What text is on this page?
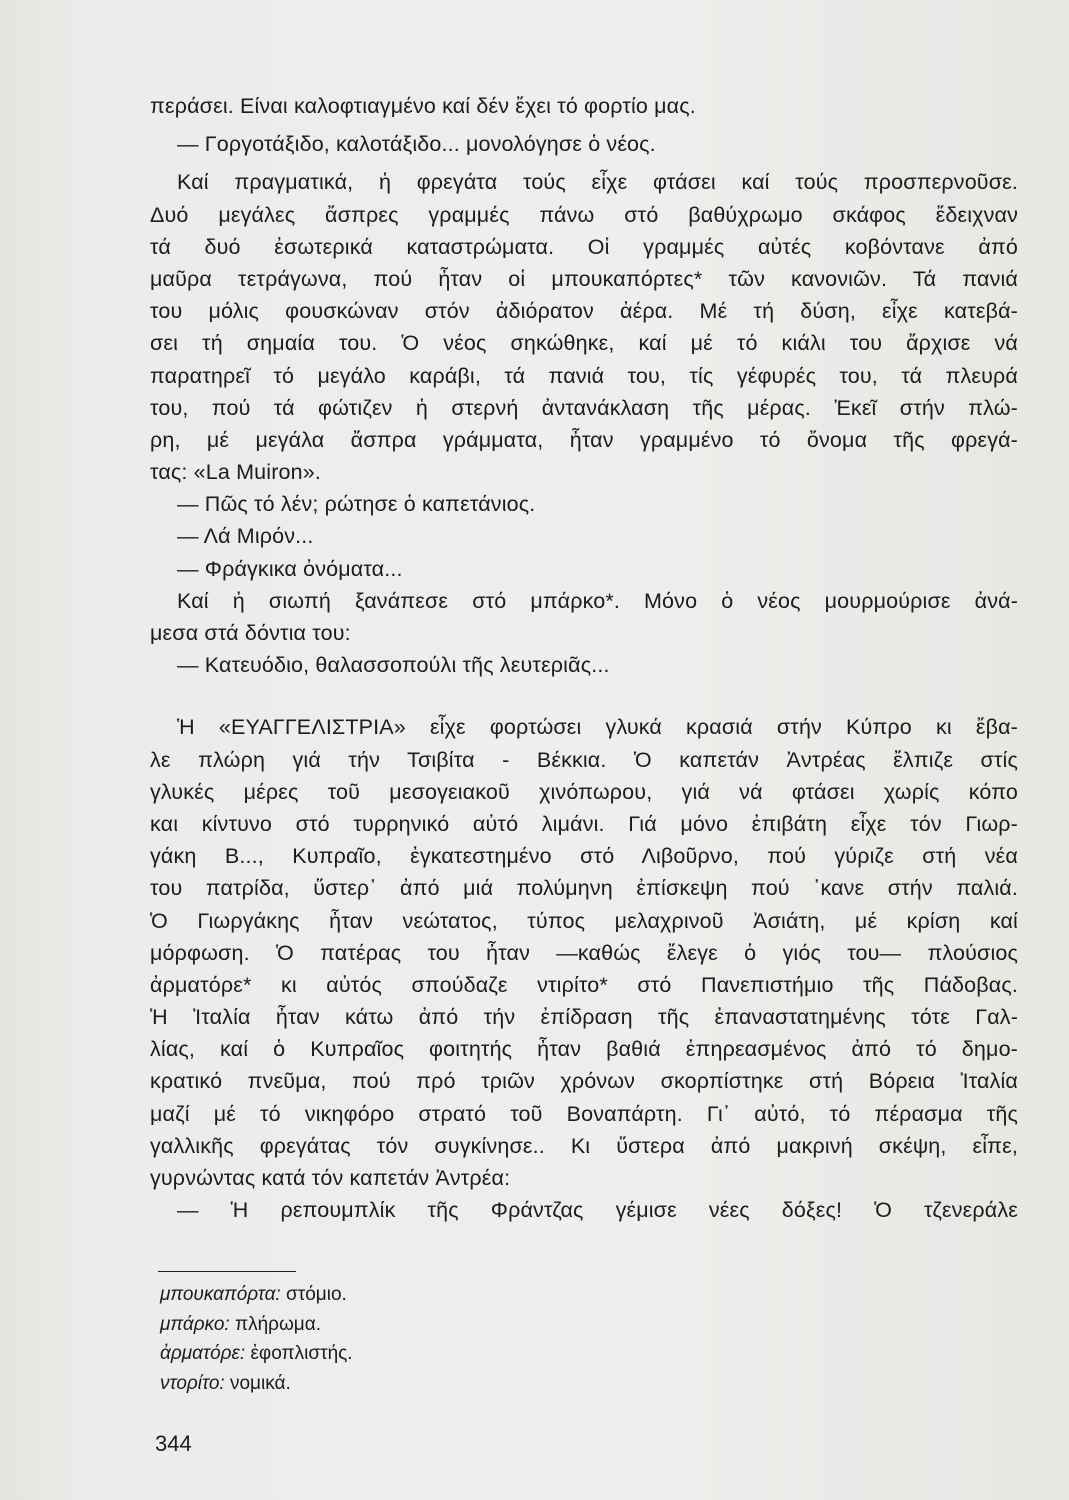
περάσει. Είναι καλοφτιαγμένο καί δέν ἔχει τό φορτίο μας.
— Γοργοτάξιδο, καλοτάξιδο... μονολόγησε ὁ νέος.
Καί πραγματικά, ἡ φρεγάτα τούς εἶχε φτάσει καί τούς προσπερνοῦσε.
Δυό μεγάλες ἄσπρες γραμμές πάνω στό βαθύχρωμο σκάφος ἔδειχναν
τά δυό ἐσωτερικά καταστρώματα. Οἱ γραμμές αὐτές κοβόντανε ἀπό
μαῦρα τετράγωνα, πού ἦταν οἱ μπουκαπόρτες* τῶν κανονιῶν. Τά πανιά
του μόλις φουσκώναν στόν ἀδιόρατον ἀέρα. Μέ τή δύση, εἶχε κατεβά-
σει τή σημαία του. Ὁ νέος σηκώθηκε, καί μέ τό κιάλι του ἄρχισε νά
παρατηρεῖ τό μεγάλο καράβι, τά πανιά του, τίς γέφυρές του, τά πλευρά
του, πού τά φώτιζεν ἡ στερνή ἀντανάκλαση τῆς μέρας. Ἐκεῖ στήν πλώ-
ρη, μέ μεγάλα ἄσπρα γράμματα, ἦταν γραμμένο τό ὄνομα τῆς φρεγά-
τας: «La Muiron».
— Πῶς τό λέν; ρώτησε ὁ καπετάνιος.
— Λά Μιρόν...
— Φράγκικα ὀνόματα...
Καί ἡ σιωπή ξανάπεσε στό μπάρκο*. Μόνο ὁ νέος μουρμούρισε ἀνά-
μεσα στά δόντια του:
— Κατευόδιο, θαλασσοπούλι τῆς λευτεριᾶς...
Ἡ «ΕΥΑΓΓΕΛΙΣΤΡΙΑ» εἶχε φορτώσει γλυκά κρασιά στήν Κύπρο κι ἔβα-
λε πλώρη γιά τήν Τσιβίτα - Βέκκια. Ὁ καπετάν Ἀντρέας ἔλπιζε στίς
γλυκές μέρες τοῦ μεσογειακοῦ χινόπωρου, γιά νά φτάσει χωρίς κόπο
και κίντυνο στό τυρρηνικό αὐτό λιμάνι. Γιά μόνο ἐπιβάτη εἶχε τόν Γιωρ-
γάκη Β..., Κυπραῖο, ἐγκατεστημένο στό Λιβοῦρνο, πού γύριζε στή νέα
του πατρίδα, ὕστερ᾽ ἀπό μιά πολύμηνη ἐπίσκεψη πού ᾽κανε στήν παλιά.
Ὁ Γιωργάκης ἦταν νεώτατος, τύπος μελαχρινοῦ Ἀσιάτη, μέ κρίση καί
μόρφωση. Ὁ πατέρας του ἦταν —καθώς ἔλεγε ὁ γιός του— πλούσιος
ἀρματόρε* κι αὐτός σπούδαζε ντιρίτο* στό Πανεπιστήμιο τῆς Πάδοβας.
Ἡ Ἰταλία ἦταν κάτω ἀπό τήν ἐπίδραση τῆς ἐπαναστατημένης τότε Γαλ-
λίας, καί ὁ Κυπραῖος φοιτητής ἦταν βαθιά ἐπηρεασμένος ἀπό τό δημο-
κρατικό πνεῦμα, πού πρό τριῶν χρόνων σκορπίστηκε στή Βόρεια Ἰταλία
μαζί μέ τό νικηφόρο στρατό τοῦ Βοναπάρτη. Γι᾽ αὐτό, τό πέρασμα τῆς
γαλλικῆς φρεγάτας τόν συγκίνησε.. Κι ὕστερα ἀπό μακρινή σκέψη, εἶπε,
γυρνώντας κατά τόν καπετάν Ἀντρέα:
— Ἡ ρεπουμπλίκ τῆς Φράντζας γέμισε νέες δόξες! Ὁ τζενεράλε
μπουκαπόρτα: στόμιο.
μπάρκο: πλήρωμα.
ἀρματόρε: ἐφοπλιστής.
ντορίτο: νομικά.
344
